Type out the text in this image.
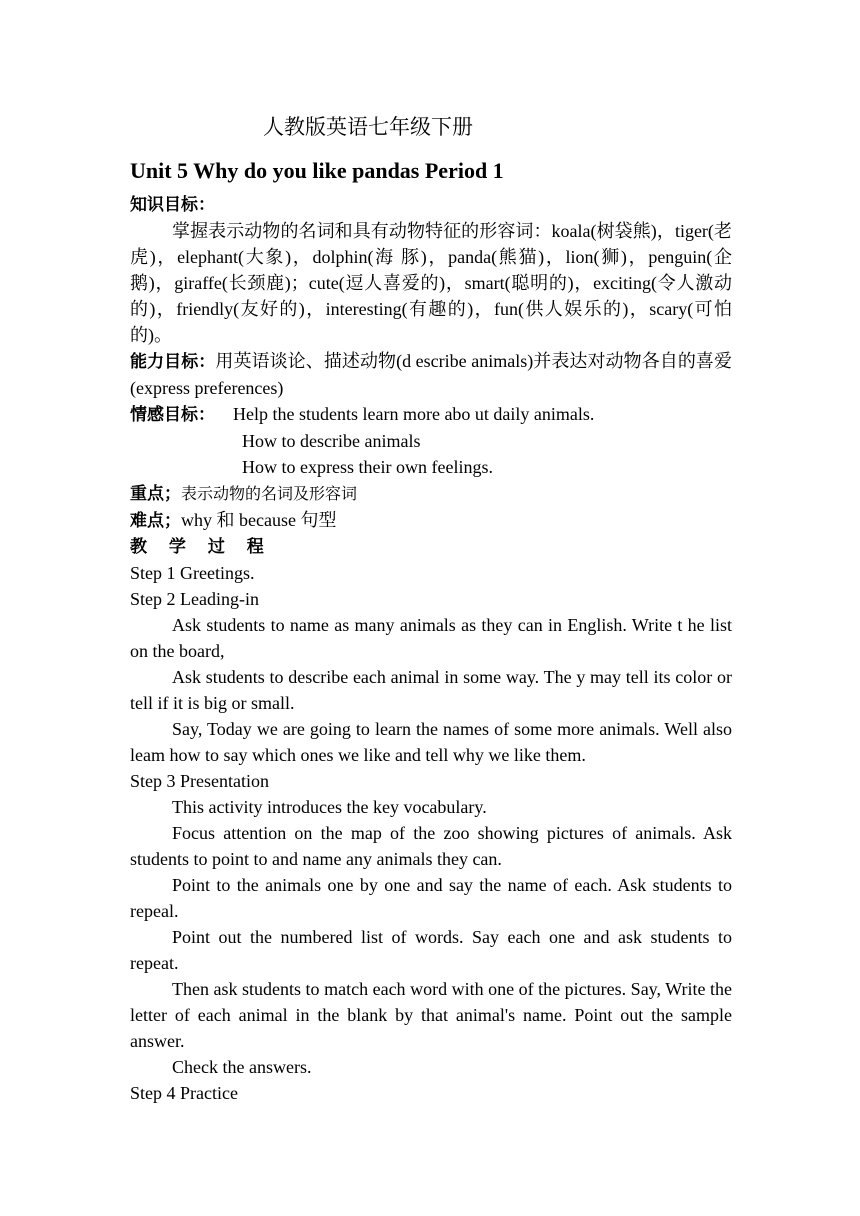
人教版英语七年级下册
Unit 5 Why do you like pandas Period 1
知识目标：
掌握表示动物的名词和具有动物特征的形容词：koala(树袋熊)，tiger(老虎)，elephant(大象)，dolphin(海 豚)，panda(熊猫)，lion(狮)，penguin(企鹅)，giraffe(长颈鹿)；cute(逗人喜爱的)，smart(聪明的)，exciting(令人激动的)，friendly(友好的)，interesting(有趣的)，fun(供人娱乐的)，scary(可怕的)。
能力目标：用英语谈论、描述动物(d escribe animals)并表达对动物各自的喜爱(express preferences)
情感目标： Help the students learn more abo ut daily animals.
How to describe animals
How to express their own feelings.
重点；表示动物的名词及形容词
难点；why 和 because 句型
教 学 过 程
Step 1 Greetings.
Step 2 Leading-in
Ask students to name as many animals as they can in English. Write t he list on the board,
Ask students to describe each animal in some way. The y may tell its color or tell if it is big or small.
Say, Today we are going to learn the names of some more animals. Well also leam how to say which ones we like and tell why we like them.
Step 3 Presentation
This activity introduces the key vocabulary.
Focus attention on the map of the zoo showing pictures of animals. Ask students to point to and name any animals they can.
Point to the animals one by one and say the name of each. Ask students to repeal.
Point out the numbered list of words. Say each one and ask students to repeat.
Then ask students to match each word with one of the pictures. Say, Write the letter of each animal in the blank by that animal's name. Point out the sample answer.
Check the answers.
Step 4 Practice
